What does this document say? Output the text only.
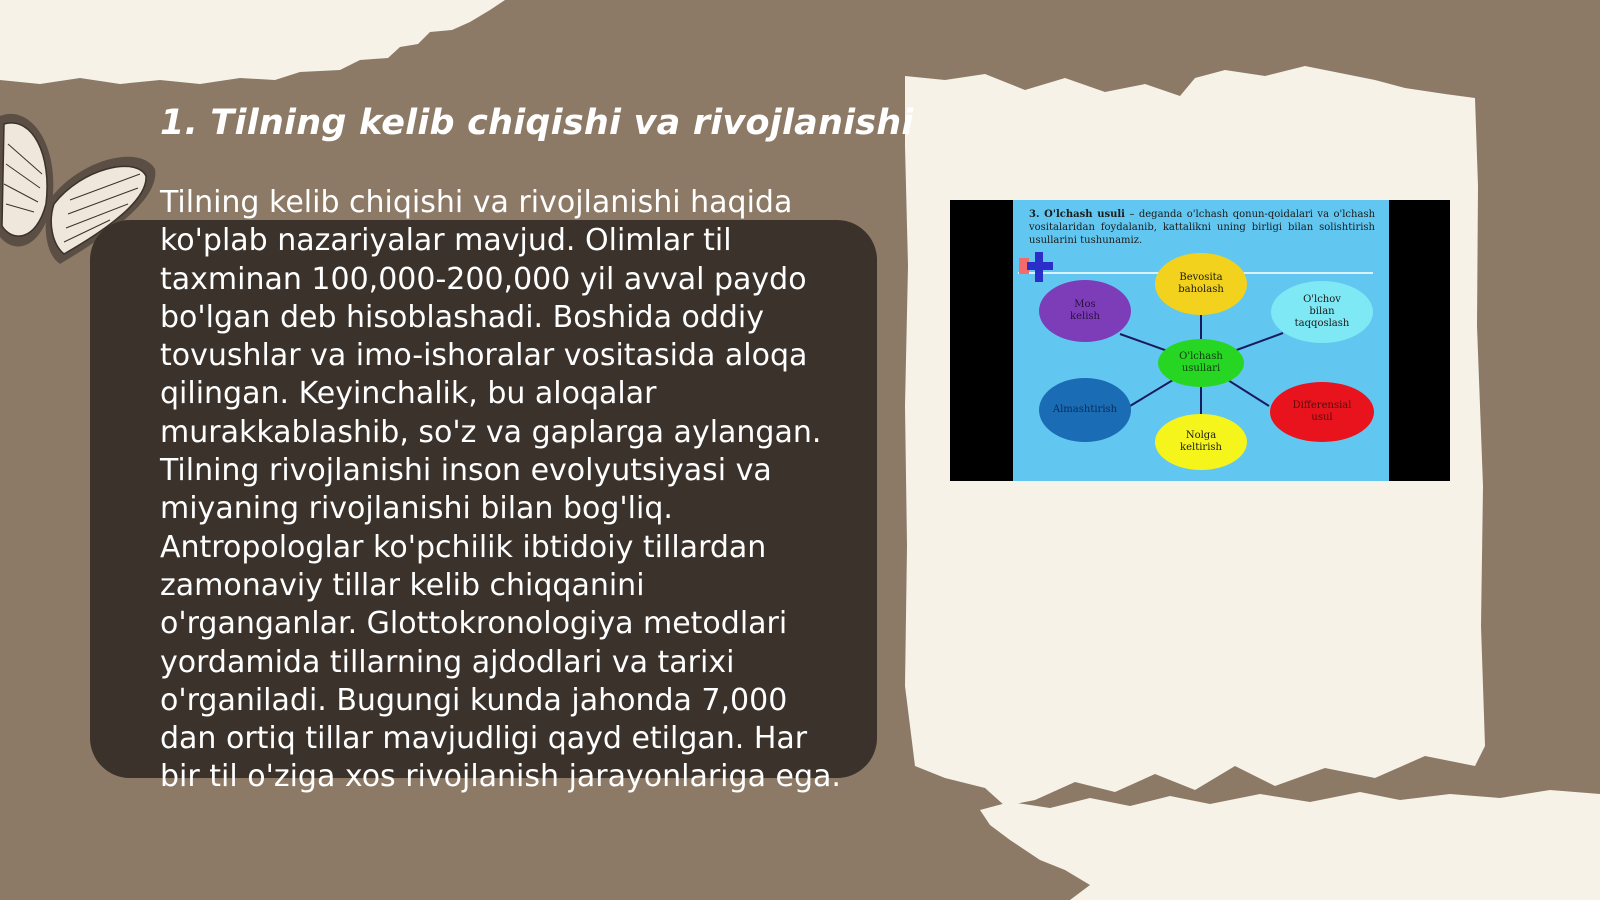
1. Tilning kelib chiqishi va rivojlanishi

Tilning kelib chiqishi va rivojlanishi haqida ko'plab nazariyalar mavjud. Olimlar til taxminan 100,000-200,000 yil avval paydo bo'lgan deb hisoblashadi. Boshida oddiy tovushlar va imo-ishoralar vositasida aloqa qilingan. Keyinchalik, bu aloqalar murakkablashib, so'z va gaplarga aylangan. Tilning rivojlanishi inson evolyutsiyasi va miyaning rivojlanishi bilan bog'liq. Antropologlar ko'pchilik ibtidoiy tillardan zamonaviy tillar kelib chiqqanini o'rganganlar. Glottokronologiya metodlari yordamida tillarning ajdodlari va tarixi o'rganiladi. Bugungi kunda jahonda 7,000 dan ortiq tillar mavjudligi qayd etilgan. Har bir til o'ziga xos rivojlanish jarayonlariga ega.

3. O'lchash usuli – deganda o'lchash qonun-qoidalari va o'lchash vositalaridan foydalanib, kattalikni uning birligi bilan solishtirish usullarini tushunamiz.

Bevosita
baholash
O'lchov
bilan
taqqoslash
Nolga
keltirish
Mos
kelish
Almashtirish	Differensial
usul
O'lchash
usullari
